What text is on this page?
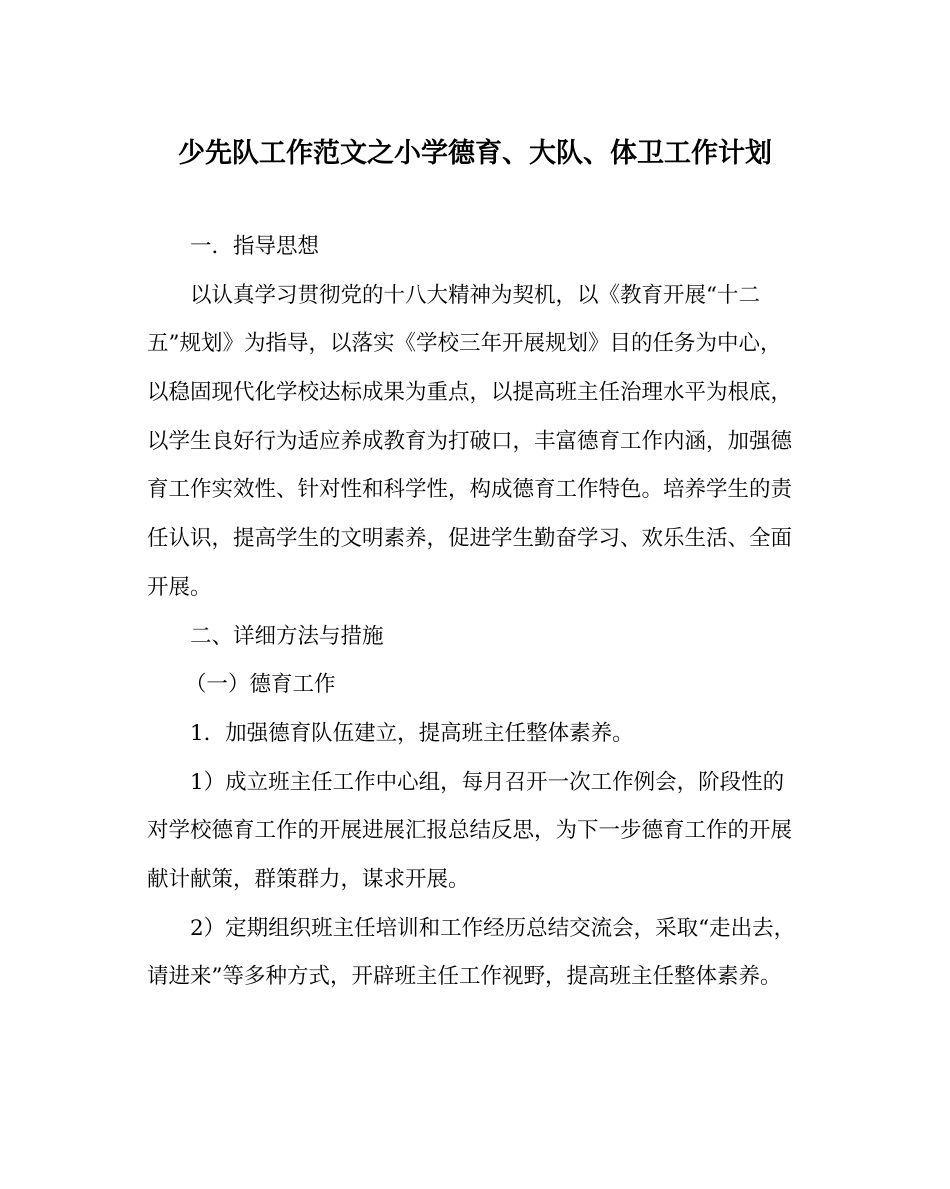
少先队工作范文之小学德育、大队、体卫工作计划
一．指导思想
以认真学习贯彻党的十八大精神为契机，以《教育开展“十二
五”规划》为指导，以落实《学校三年开展规划》目的任务为中心，
以稳固现代化学校达标成果为重点，以提高班主任治理水平为根底，
以学生良好行为适应养成教育为打破口，丰富德育工作内涵，加强德
育工作实效性、针对性和科学性，构成德育工作特色。培养学生的责
任认识，提高学生的文明素养，促进学生勤奋学习、欢乐生活、全面
开展。
二、详细方法与措施
（一）德育工作
1．加强德育队伍建立，提高班主任整体素养。
1）成立班主任工作中心组，每月召开一次工作例会，阶段性的
对学校德育工作的开展进展汇报总结反思，为下一步德育工作的开展
献计献策，群策群力，谋求开展。
2）定期组织班主任培训和工作经历总结交流会，采取“走出去，
请进来”等多种方式，开辟班主任工作视野，提高班主任整体素养。
